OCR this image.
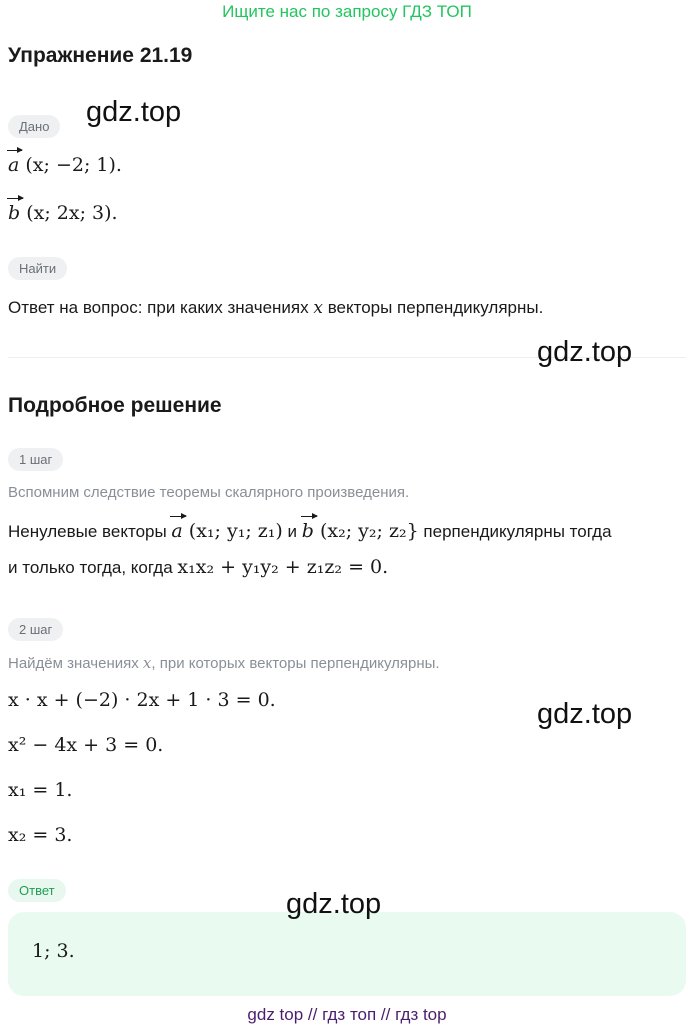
Ищите нас по запросу ГДЗ ТОП
Упражнение 21.19
gdz.top
Дано
a (x; −2; 1).
b (x; 2x; 3).
Найти
Ответ на вопрос: при каких значениях x векторы перпендикулярны.
gdz.top
Подробное решение
1 шаг
Вспомним следствие теоремы скалярного произведения.
Ненулевые векторы a (x₁; y₁; z₁) и b (x₂; y₂; z₂} перпендикулярны тогда
и только тогда, когда x₁x₂ + y₁y₂ + z₁z₂ = 0.
2 шаг
Найдём значениях x, при которых векторы перпендикулярны.
x · x + (−2) · 2x + 1 · 3 = 0.	gdz.top
x² − 4x + 3 = 0.
x₁ = 1.
x₂ = 3.
Ответ	gdz.top
1; 3.
gdz top // гдз топ // гдз top
